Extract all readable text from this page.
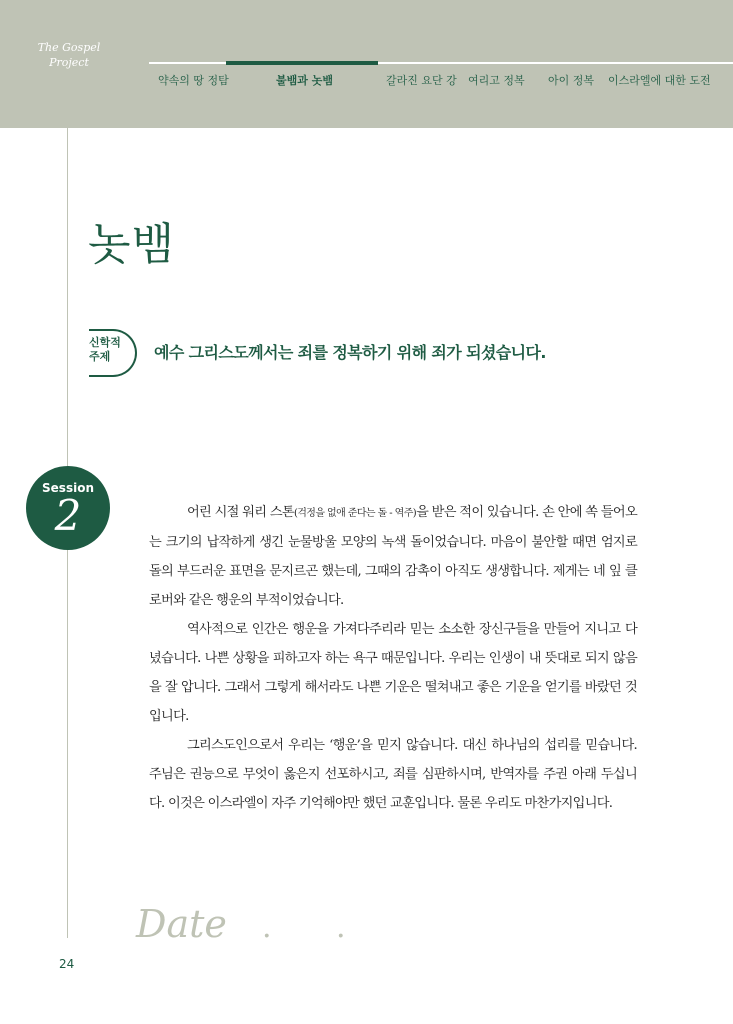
The Gospel
Project
약속의 땅 정탐	불뱀과 놋뱀	갈라진 요단 강 여리고 정복 아이 정복 이스라엘에 대한 도전
놋뱀
신학적
주제	예수 그리스도께서는 죄를 정복하기 위해 죄가 되셨습니다.
Session
2	어린 시절 워리 스톤(걱정을 없애 준다는 돌 - 역주)을 받은 적이 있습니다. 손 안에 쏙 들어오는 크기의 납작하게 생긴 눈물방울 모양의 녹색 돌이었습니다. 마음이 불안할 때면 엄지로 돌의 부드러운 표면을 문지르곤 했는데, 그때의 감촉이 아직도 생생합니다. 제게는 네 잎 클로버와 같은 행운의 부적이었습니다.

역사적으로 인간은 행운을 가져다주리라 믿는 소소한 장신구들을 만들어 지니고 다녔습니다. 나쁜 상황을 피하고자 하는 욕구 때문입니다. 우리는 인생이 내 뜻대로 되지 않음을 잘 압니다. 그래서 그렇게 해서라도 나쁜 기운은 떨쳐내고 좋은 기운을 얻기를 바랐던 것입니다.

그리스도인으로서 우리는 ‘행운’을 믿지 않습니다. 대신 하나님의 섭리를 믿습니다. 주님은 권능으로 무엇이 옳은지 선포하시고, 죄를 심판하시며, 반역자를 주권 아래 두십니다. 이것은 이스라엘이 자주 기억해야만 했던 교훈입니다. 물론 우리도 마찬가지입니다.

Date . .
24
